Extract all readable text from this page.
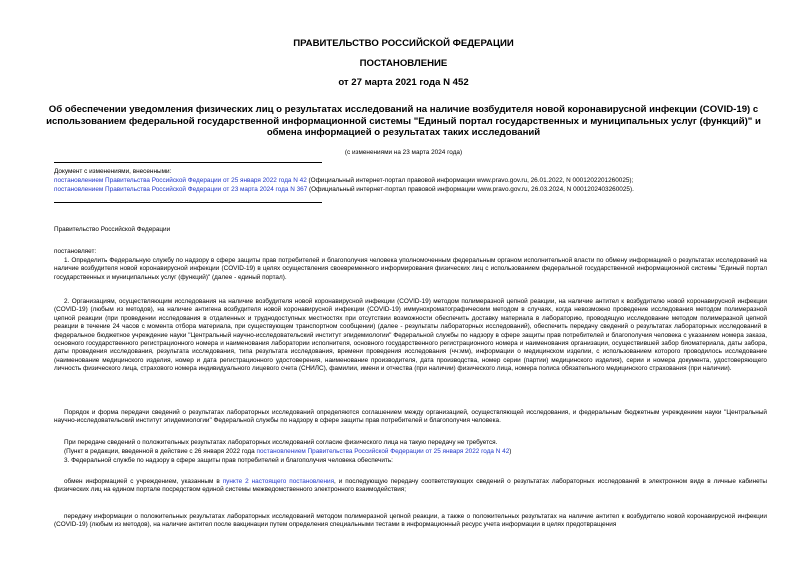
ПРАВИТЕЛЬСТВО РОССИЙСКОЙ ФЕДЕРАЦИИ
ПОСТАНОВЛЕНИЕ
от 27 марта 2021 года N 452
Об обеспечении уведомления физических лиц о результатах исследований на наличие возбудителя новой коронавирусной инфекции (COVID-19) с использованием федеральной государственной информационной системы "Единый портал государственных и муниципальных услуг (функций)" и обмена информацией о результатах таких исследований
(с изменениями на 23 марта 2024 года)
Документ с изменениями, внесенными:
постановлением Правительства Российской Федерации от 25 января 2022 года N 42 (Официальный интернет-портал правовой информации www.pravo.gov.ru, 26.01.2022, N 0001202201260025);
постановлением Правительства Российской Федерации от 23 марта 2024 года N 367 (Официальный интернет-портал правовой информации www.pravo.gov.ru, 26.03.2024, N 0001202403260025).
Правительство Российской Федерации
постановляет:

1. Определить Федеральную службу по надзору в сфере защиты прав потребителей и благополучия человека уполномоченным федеральным органом исполнительной власти по обмену информацией о результатах исследований на наличие возбудителя новой коронавирусной инфекции (COVID-19) в целях осуществления своевременного информирования физических лиц с использованием федеральной государственной информационной системы "Единый портал государственных и муниципальных услуг (функций)" (далее - единый портал).

2. Организациям, осуществляющим исследования на наличие возбудителя новой коронавирусной инфекции (COVID-19) методом полимеразной цепной реакции, на наличие антител к возбудителю новой коронавирусной инфекции (COVID-19) (любым из методов), на наличие антигена возбудителя новой коронавирусной инфекции (COVID-19) иммунохроматографическим методом в случаях, когда невозможно проведение исследования методом полимеразной цепной реакции (при проведении исследования в отдаленных и труднодоступных местностях при отсутствии возможности обеспечить доставку материала в лабораторию, проводящую исследование методом полимеразной цепной реакции в течение 24 часов с момента отбора материала, при существующем транспортном сообщении) (далее - результаты лабораторных исследований), обеспечить передачу сведений о результатах лабораторных исследований в федеральное бюджетное учреждение науки "Центральный научно-исследовательский институт эпидемиологии" Федеральной службы по надзору в сфере защиты прав потребителей и благополучия человека с указанием номера заказа, основного государственного регистрационного номера и наименования лаборатории исполнителя, основного государственного регистрационного номера и наименования организации, осуществившей забор биоматериала, даты забора, даты проведения исследования, результата исследования, типа результата исследования, времени проведения исследования (чч:мм), информации о медицинском изделии, с использованием которого проводилось исследование (наименование медицинского изделия, номер и дата регистрационного удостоверения, наименование производителя, дата производства, номер серии (партии) медицинского изделия), серии и номера документа, удостоверяющего личность физического лица, страхового номера индивидуального лицевого счета (СНИЛС), фамилии, имени и отчества (при наличии) физического лица, номера полиса обязательного медицинского страхования (при наличии).

Порядок и форма передачи сведений о результатах лабораторных исследований определяются соглашением между организацией, осуществляющей исследования, и федеральным бюджетным учреждением науки "Центральный научно-исследовательский институт эпидемиологии" Федеральной службы по надзору в сфере защиты прав потребителей и благополучия человека.

При передаче сведений о положительных результатах лабораторных исследований согласие физического лица на такую передачу не требуется.

(Пункт в редакции, введенной в действие с 26 января 2022 года постановлением Правительства Российской Федерации от 25 января 2022 года N 42)

3. Федеральной службе по надзору в сфере защиты прав потребителей и благополучия человека обеспечить:

обмен информацией с учреждением, указанным в пункте 2 настоящего постановления, и последующую передачу соответствующих сведений о результатах лабораторных исследований в электронном виде в личные кабинеты физических лиц на едином портале посредством единой системы межведомственного электронного взаимодействия;

передачу информации о положительных результатах лабораторных исследований методом полимеразной цепной реакции, а также о положительных результатах на наличие антител к возбудителю новой коронавирусной инфекции (COVID-19) (любым из методов), на наличие антител после вакцинации путем определения специальными тестами в информационный ресурс учета информации в целях предотвращения
